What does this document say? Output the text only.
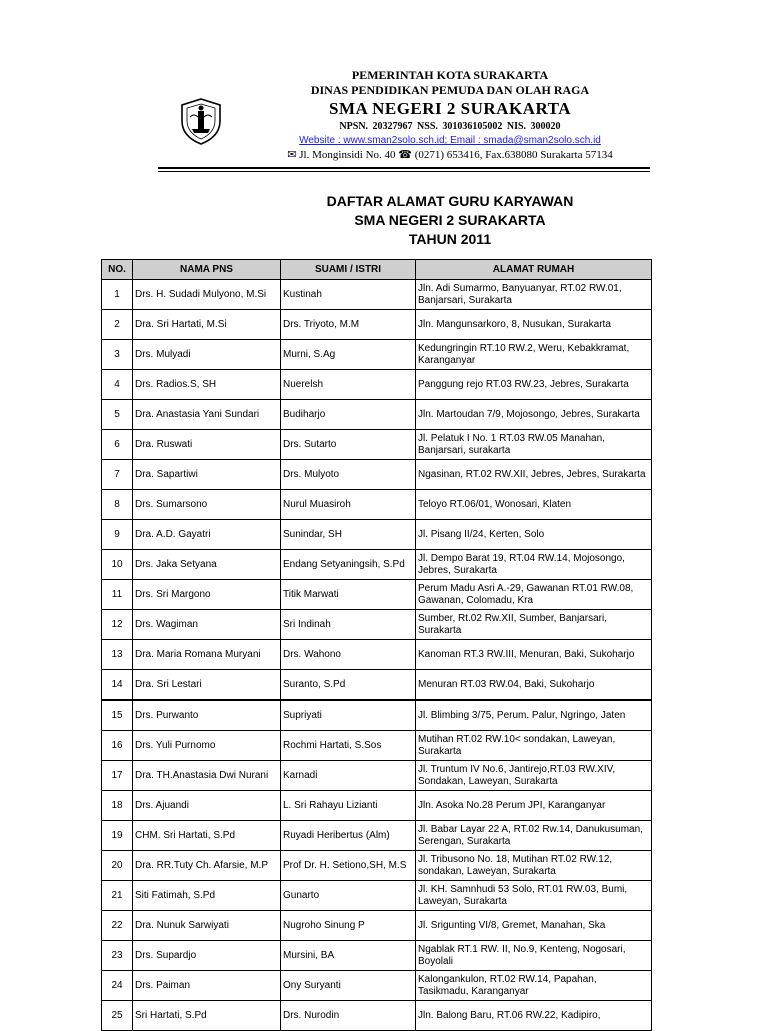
PEMERINTAH KOTA SURAKARTA
DINAS PENDIDIKAN PEMUDA DAN OLAH RAGA
SMA NEGERI 2 SURAKARTA
NPSN. 20327967 NSS. 301036105002 NIS. 300020
Website : www.sman2solo.sch.id; Email : smada@sman2solo.sch.id
✉ Jl. Monginsidi No. 40 ☎ (0271) 653416, Fax.638080 Surakarta 57134
DAFTAR ALAMAT GURU KARYAWAN
SMA NEGERI 2 SURAKARTA
TAHUN 2011
NO.	NAMA PNS	SUAMI / ISTRI	ALAMAT RUMAH
1	Drs. H. Sudadi Mulyono, M.Si	Kustinah	Jln. Adi Sumarmo, Banyuanyar, RT.02 RW.01, Banjarsari, Surakarta
2	Dra. Sri Hartati, M.Si	Drs. Triyoto, M.M	Jln. Mangunsarkoro, 8, Nusukan, Surakarta
3	Drs. Mulyadi	Murni, S.Ag	Kedungringin RT.10 RW.2, Weru, Kebakkramat, Karanganyar
4	Drs. Radios.S, SH	Nuerelsh	Panggung rejo RT.03 RW.23, Jebres, Surakarta
5	Dra. Anastasia Yani Sundari	Budiharjo	Jln. Martoudan 7/9, Mojosongo, Jebres, Surakarta
6	Dra. Ruswati	Drs. Sutarto	Jl. Pelatuk I No. 1 RT.03 RW.05 Manahan, Banjarsari, surakarta
7	Dra. Sapartiwi	Drs. Mulyoto	Ngasinan, RT.02 RW.XII, Jebres, Jebres, Surakarta
8	Drs. Sumarsono	Nurul Muasiroh	Teloyo RT.06/01, Wonosari, Klaten
9	Dra. A.D. Gayatri	Sunindar, SH	Jl. Pisang II/24, Kerten, Solo
10	Drs. Jaka Setyana	Endang Setyaningsih, S.Pd	Jl. Dempo Barat 19, RT.04 RW.14, Mojosongo, Jebres, Surakarta
11	Drs. Sri Margono	Titik Marwati	Perum Madu Asri A.-29, Gawanan RT.01 RW.08, Gawanan, Colomadu, Kra
12	Drs. Wagiman	Sri Indinah	Sumber, Rt.02 Rw.XII, Sumber, Banjarsari, Surakarta
13	Dra. Maria Romana Muryani	Drs. Wahono	Kanoman RT.3 RW.III, Menuran, Baki, Sukoharjo
14	Dra. Sri Lestari	Suranto, S.Pd	Menuran RT.03 RW.04, Baki, Sukoharjo
15	Drs. Purwanto	Supriyati	Jl. Blimbing 3/75, Perum. Palur, Ngringo, Jaten
16	Drs. Yuli Purnomo	Rochmi Hartati, S.Sos	Mutihan RT.02 RW.10< sondakan, Laweyan, Surakarta
17	Dra. TH.Anastasia Dwi Nurani	Karnadi	Jl. Truntum IV No.6, Jantirejo,RT.03 RW.XIV, Sondakan, Laweyan, Surakarta
18	Drs. Ajuandi	L. Sri Rahayu Lizianti	Jln. Asoka No.28 Perum JPI, Karanganyar
19	CHM. Sri Hartati, S.Pd	Ruyadi Heribertus (Alm)	Jl. Babar Layar 22 A, RT.02 Rw.14, Danukusuman, Serengan, Surakarta
20	Dra. RR.Tuty Ch. Afarsie, M.P	Prof Dr. H. Setiono,SH, M.S	Jl. Tribusono No. 18, Mutihan RT.02 RW.12, sondakan, Laweyan, Surakarta
21	Siti Fatimah, S.Pd	Gunarto	Jl. KH. Samnhudi 53 Solo, RT.01 RW.03, Bumi, Laweyan, Surakarta
22	Dra. Nunuk Sarwiyati	Nugroho Sinung P	Jl. Srigunting VI/8, Gremet, Manahan, Ska
23	Drs. Supardjo	Mursini, BA	Ngablak RT.1 RW. II, No.9, Kenteng, Nogosari, Boyolali
24	Drs. Paiman	Ony Suryanti	Kalongankulon, RT.02 RW.14, Papahan, Tasikmadu, Karanganyar
25	Sri Hartati, S.Pd	Drs. Nurodin	Jln. Balong Baru, RT.06 RW.22, Kadipiro,
